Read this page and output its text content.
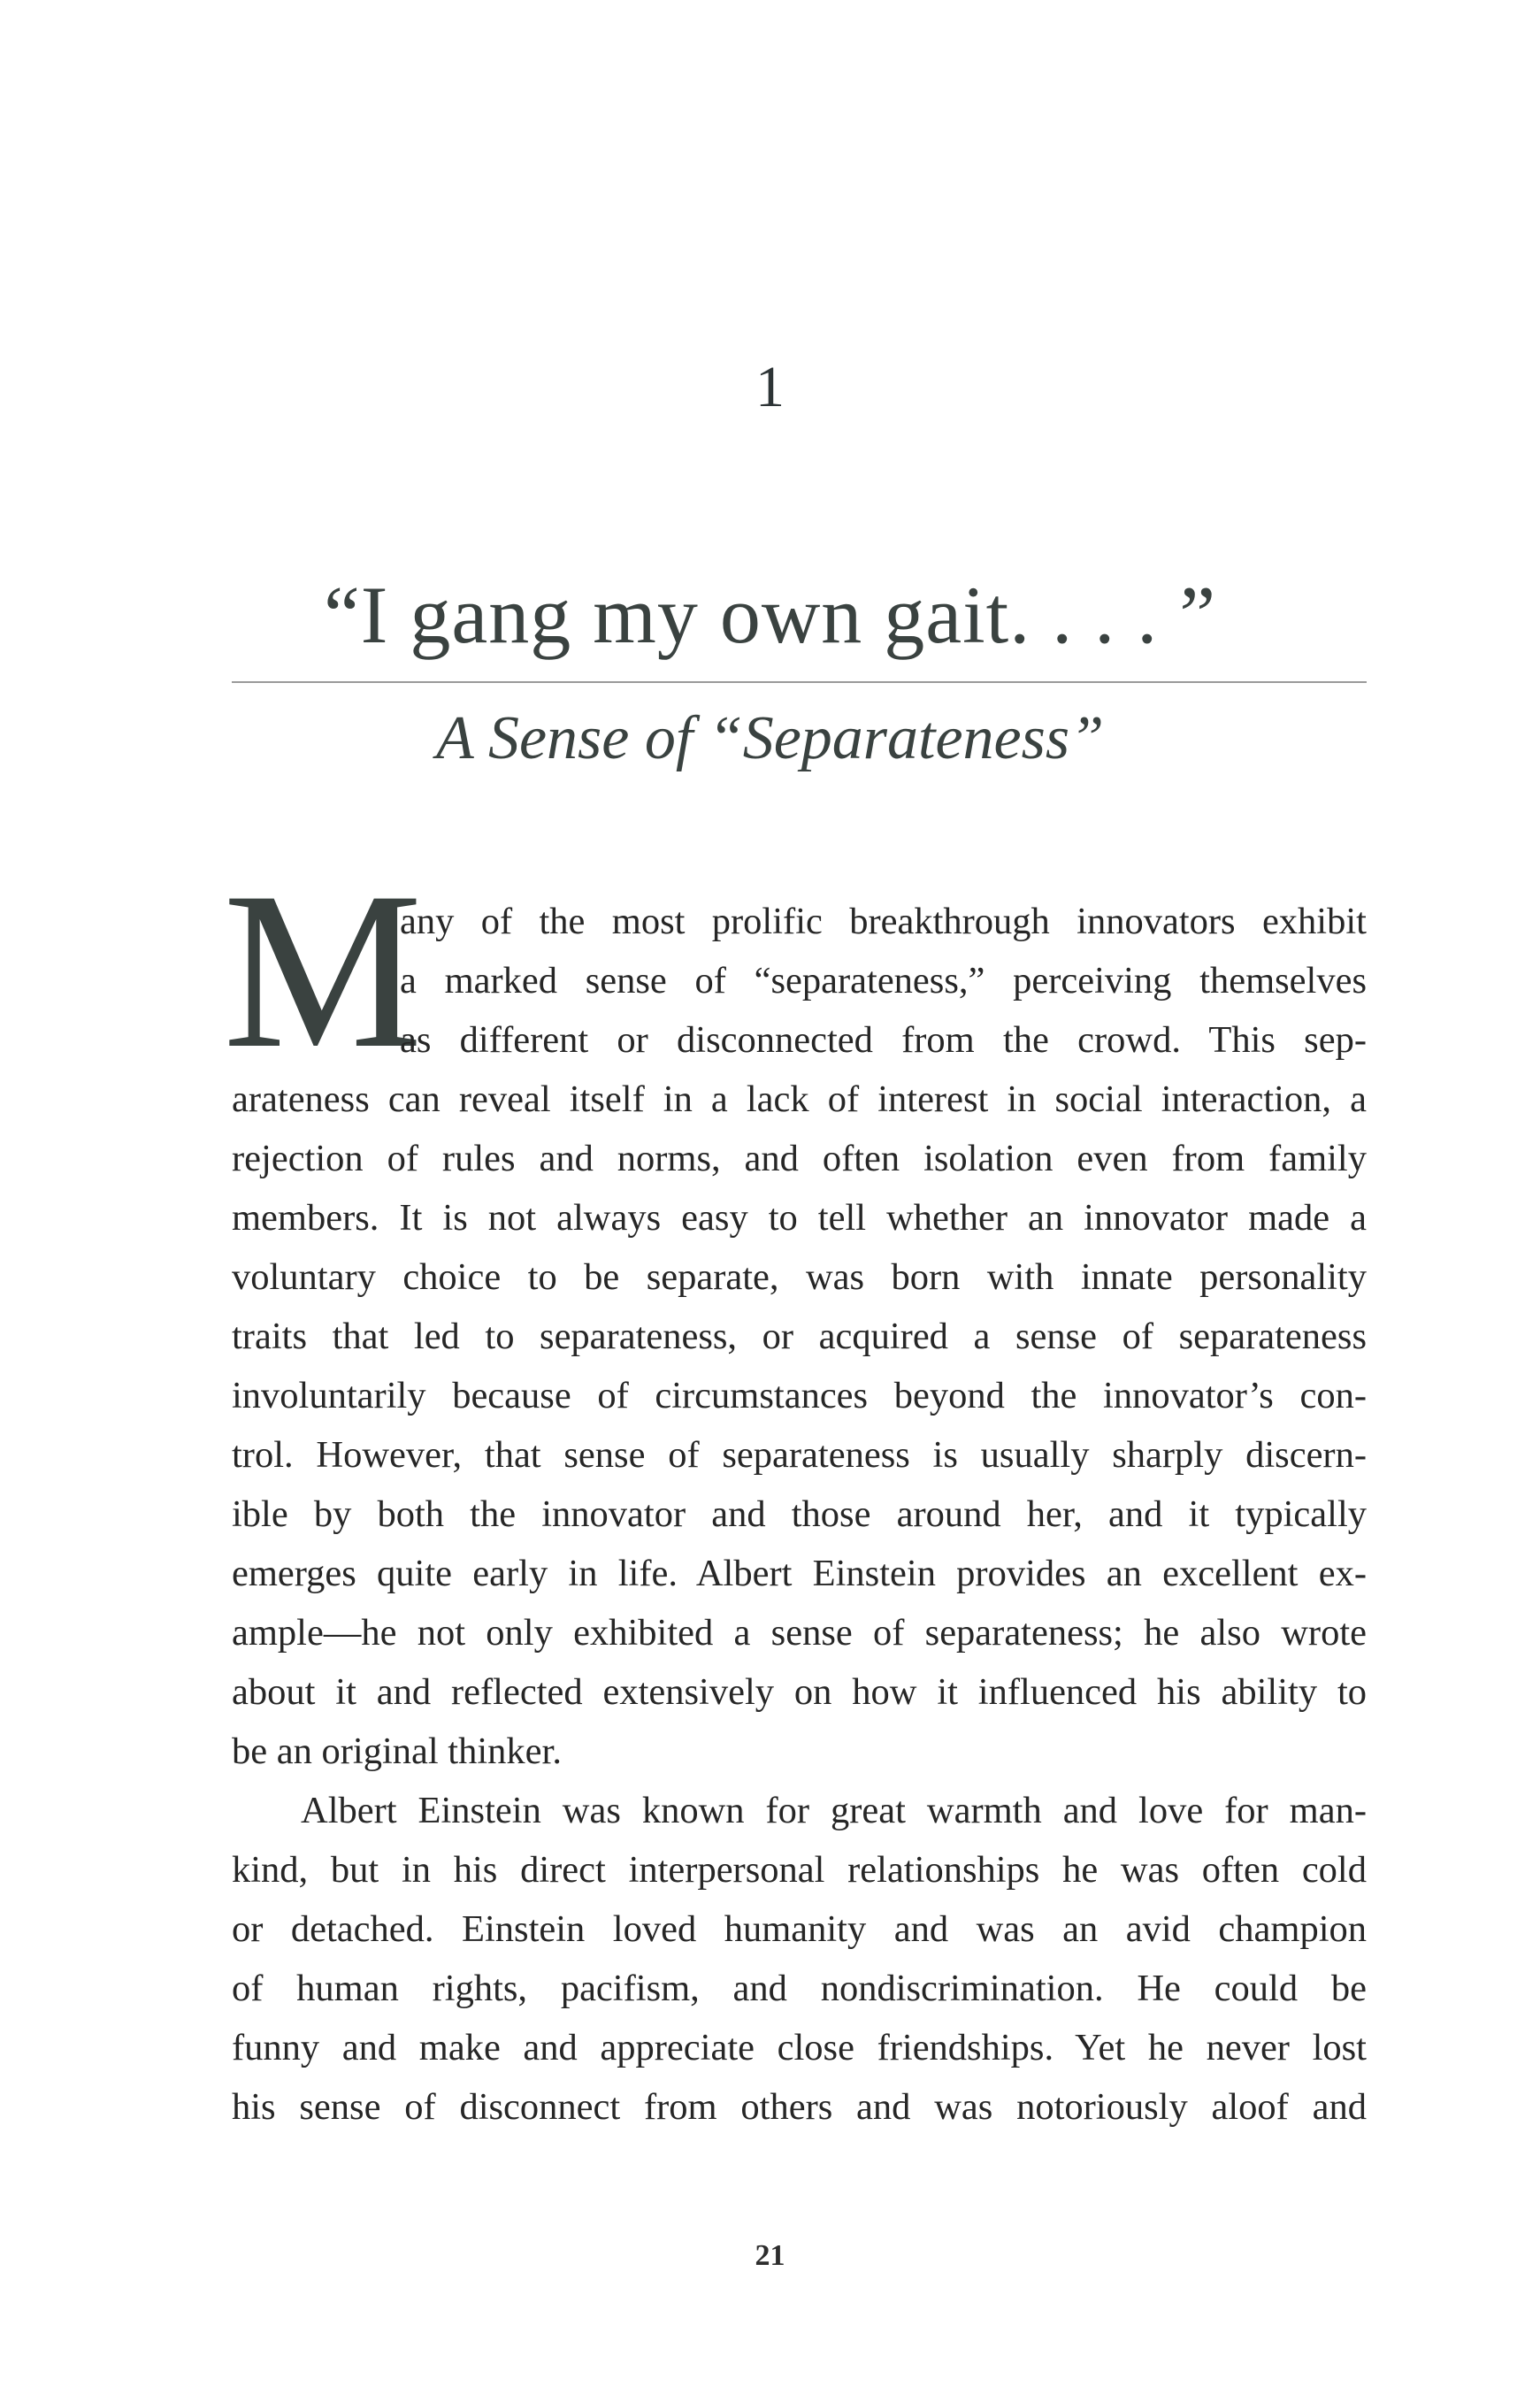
1
“I gang my own gait. . . . ”
A Sense of “Separateness”
M
any of the most prolific breakthrough innovators exhibit
a marked sense of “separateness,” perceiving themselves
as different or disconnected from the crowd. This sep-
arateness can reveal itself in a lack of interest in social interaction, a
rejection of rules and norms, and often isolation even from family
members. It is not always easy to tell whether an innovator made a
voluntary choice to be separate, was born with innate personality
traits that led to separateness, or acquired a sense of separateness
involuntarily because of circumstances beyond the innovator’s con-
trol. However, that sense of separateness is usually sharply discern-
ible by both the innovator and those around her, and it typically
emerges quite early in life. Albert Einstein provides an excellent ex-
ample—he not only exhibited a sense of separateness; he also wrote
about it and reflected extensively on how it influenced his ability to
be an original thinker.
Albert Einstein was known for great warmth and love for man-
kind, but in his direct interpersonal relationships he was often cold
or detached. Einstein loved humanity and was an avid champion
of human rights, pacifism, and nondiscrimination. He could be
funny and make and appreciate close friendships. Yet he never lost
his sense of disconnect from others and was notoriously aloof and
21
